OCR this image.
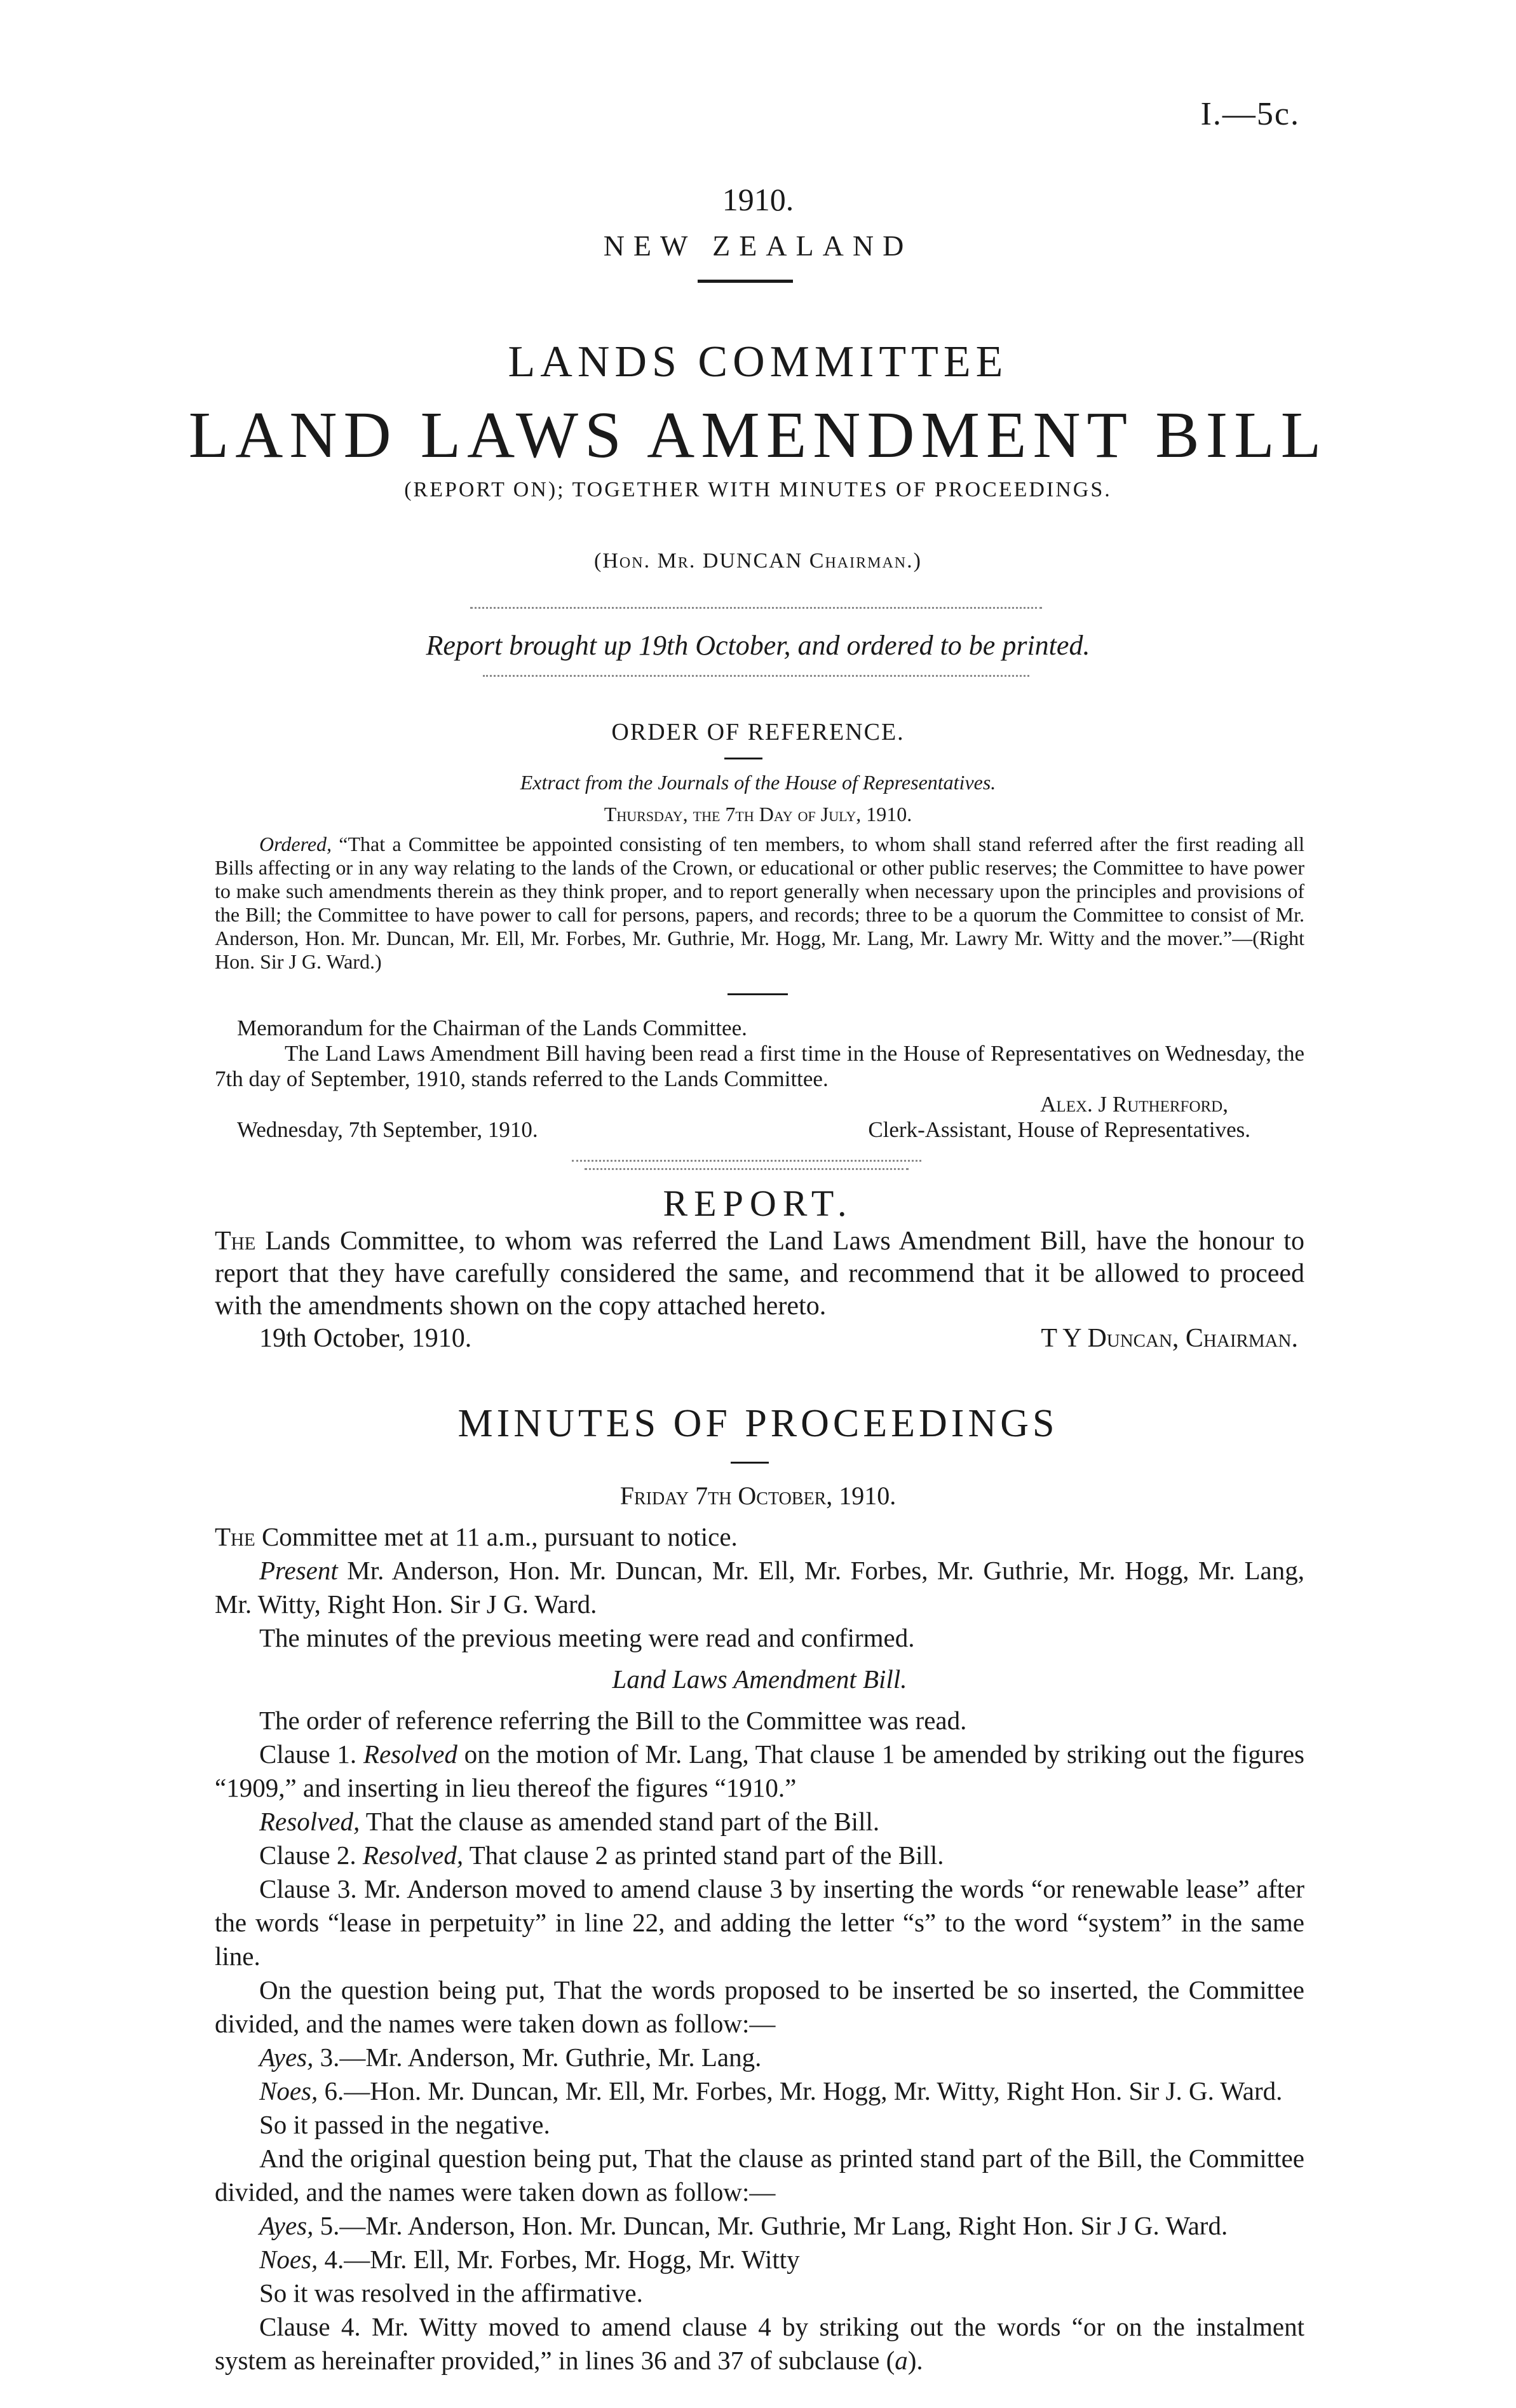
I.—5c.
1910.
NEW ZEALAND
LANDS COMMITTEE
LAND LAWS AMENDMENT BILL
(REPORT ON); TOGETHER WITH MINUTES OF PROCEEDINGS.
(Hon. Mr. DUNCAN Chairman.)
Report brought up 19th October, and ordered to be printed.
ORDER OF REFERENCE.
Extract from the Journals of the House of Representatives.
Thursday, the 7th Day of July, 1910.

Ordered, “That a Committee be appointed consisting of ten members, to whom shall stand referred after the first reading all Bills affecting or in any way relating to the lands of the Crown, or educational or other public reserves; the Committee to have power to make such amendments therein as they think proper, and to report generally when necessary upon the principles and provisions of the Bill; the Committee to have power to call for persons, papers, and records; three to be a quorum the Committee to consist of Mr. Anderson, Hon. Mr. Duncan, Mr. Ell, Mr. Forbes, Mr. Guthrie, Mr. Hogg, Mr. Lang, Mr. Lawry Mr. Witty and the mover.”—(Right Hon. Sir J G. Ward.)

Memorandum for the Chairman of the Lands Committee.

The Land Laws Amendment Bill having been read a first time in the House of Representatives on Wednesday, the 7th day of September, 1910, stands referred to the Lands Committee.

Alex. J Rutherford,

Wednesday, 7th September, 1910.	Clerk-Assistant, House of Representatives.
REPORT.

The Lands Committee, to whom was referred the Land Laws Amendment Bill, have the honour to report that they have carefully considered the same, and recommend that it be allowed to proceed with the amendments shown on the copy attached hereto.

19th October, 1910.	T Y Duncan, Chairman.
MINUTES OF PROCEEDINGS
Friday 7th October, 1910.

The Committee met at 11 a.m., pursuant to notice.

Present Mr. Anderson, Hon. Mr. Duncan, Mr. Ell, Mr. Forbes, Mr. Guthrie, Mr. Hogg, Mr. Lang, Mr. Witty, Right Hon. Sir J G. Ward.

The minutes of the previous meeting were read and confirmed.

Land Laws Amendment Bill.

The order of reference referring the Bill to the Committee was read.

Clause 1. Resolved on the motion of Mr. Lang, That clause 1 be amended by striking out the figures “1909,” and inserting in lieu thereof the figures “1910.”

Resolved, That the clause as amended stand part of the Bill.

Clause 2. Resolved, That clause 2 as printed stand part of the Bill.

Clause 3. Mr. Anderson moved to amend clause 3 by inserting the words “or renewable lease” after the words “lease in perpetuity” in line 22, and adding the letter “s” to the word “system” in the same line.

On the question being put, That the words proposed to be inserted be so inserted, the Committee divided, and the names were taken down as follow:—

Ayes, 3.—Mr. Anderson, Mr. Guthrie, Mr. Lang.

Noes, 6.—Hon. Mr. Duncan, Mr. Ell, Mr. Forbes, Mr. Hogg, Mr. Witty, Right Hon. Sir J. G. Ward.

So it passed in the negative.

And the original question being put, That the clause as printed stand part of the Bill, the Committee divided, and the names were taken down as follow:—

Ayes, 5.—Mr. Anderson, Hon. Mr. Duncan, Mr. Guthrie, Mr Lang, Right Hon. Sir J G. Ward.

Noes, 4.—Mr. Ell, Mr. Forbes, Mr. Hogg, Mr. Witty

So it was resolved in the affirmative.

Clause 4. Mr. Witty moved to amend clause 4 by striking out the words “or on the instalment system as hereinafter provided,” in lines 36 and 37 of subclause (a).
